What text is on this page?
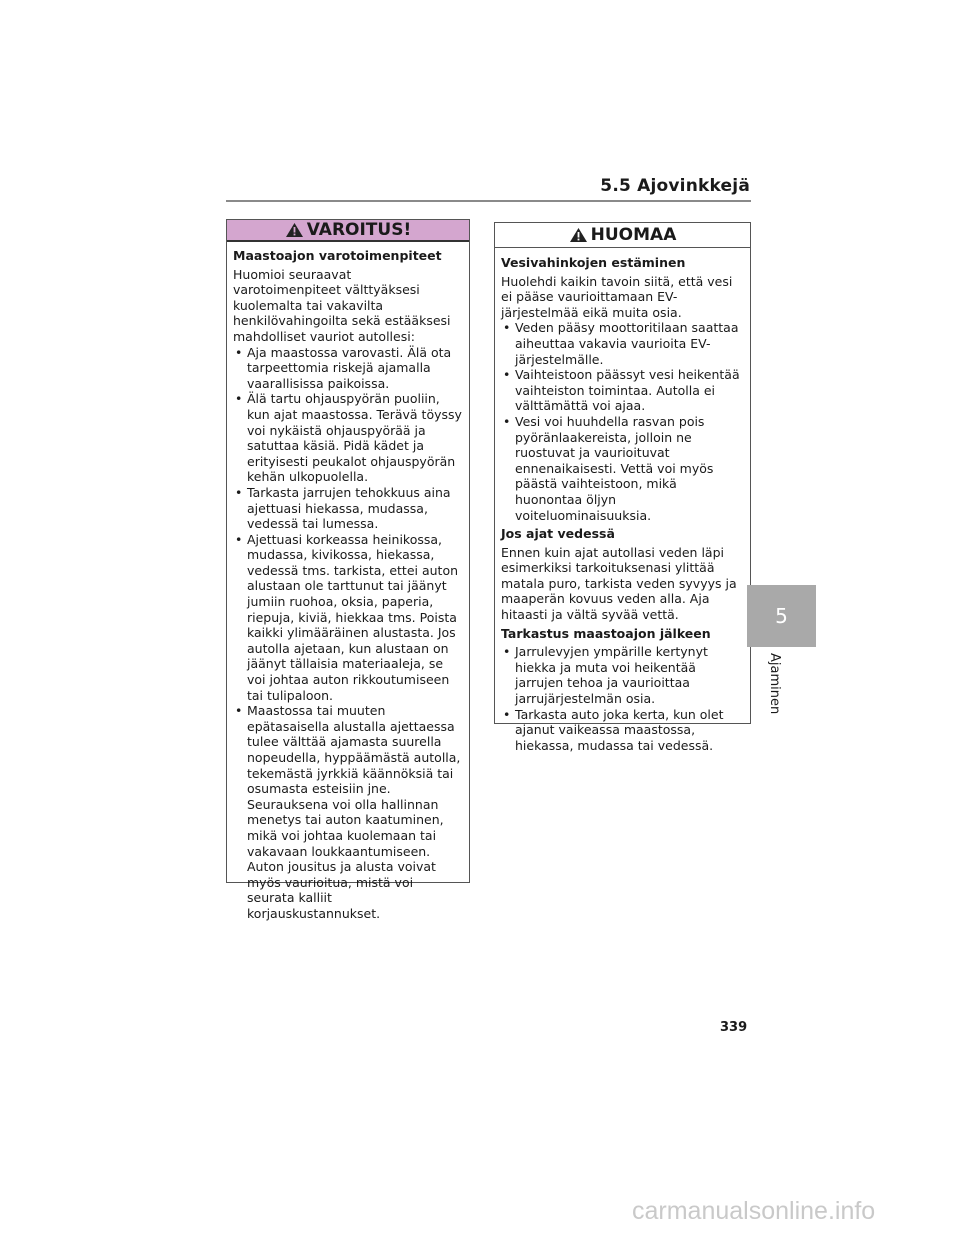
5.5 Ajovinkkejä
VAROITUS!
Maastoajon varotoimenpiteet
Huomioi seuraavat varotoimenpiteet välttyäksesi kuolemalta tai vakavilta henkilövahingoilta sekä estääksesi mahdolliset vauriot autollesi:
• Aja maastossa varovasti. Älä ota tarpeettomia riskejä ajamalla vaarallisissa paikoissa.
• Älä tartu ohjauspyörän puoliin, kun ajat maastossa. Terävä töyssy voi nykäistä ohjauspyörää ja satuttaa käsiä. Pidä kädet ja erityisesti peukalot ohjauspyörän kehän ulkopuolella.
• Tarkasta jarrujen tehokkuus aina ajettuasi hiekassa, mudassa, vedessä tai lumessa.
• Ajettuasi korkeassa heinikossa, mudassa, kivikossa, hiekassa, vedessä tms. tarkista, ettei auton alustaan ole tarttunut tai jäänyt jumiin ruohoa, oksia, paperia, riepuja, kiviä, hiekkaa tms. Poista kaikki ylimääräinen alustasta. Jos autolla ajetaan, kun alustaan on jäänyt tällaisia materiaaleja, se voi johtaa auton rikkoutumiseen tai tulipaloon.
• Maastossa tai muuten epätasaisella alustalla ajettaessa tulee välttää ajamasta suurella nopeudella, hyppäämästä autolla, tekemästä jyrkkiä käännöksiä tai osumasta esteisiin jne. Seurauksena voi olla hallinnan menetys tai auton kaatuminen, mikä voi johtaa kuolemaan tai vakavaan loukkaantumiseen. Auton jousitus ja alusta voivat myös vaurioitua, mistä voi seurata kalliit korjauskustannukset.
HUOMAA
Vesivahinkojen estäminen
Huolehdi kaikin tavoin siitä, että vesi ei pääse vaurioittamaan EV-järjestelmää eikä muita osia.
• Veden pääsy moottoritilaan saattaa aiheuttaa vakavia vaurioita EV-järjestelmälle.
• Vaihteistoon päässyt vesi heikentää vaihteiston toimintaa. Autolla ei välttämättä voi ajaa.
• Vesi voi huuhdella rasvan pois pyöränlaakereista, jolloin ne ruostuvat ja vaurioituvat ennenaikaisesti. Vettä voi myös päästä vaihteistoon, mikä huonontaa öljyn voiteluominaisuuksia.
Jos ajat vedessä
Ennen kuin ajat autollasi veden läpi esimerkiksi tarkoituksenasi ylittää matala puro, tarkista veden syvyys ja maaperän kovuus veden alla. Aja hitaasti ja vältä syvää vettä.
Tarkastus maastoajon jälkeen
• Jarrulevyjen ympärille kertynyt hiekka ja muta voi heikentää jarrujen tehoa ja vaurioittaa jarrujärjestelmän osia.
• Tarkasta auto joka kerta, kun olet ajanut vaikeassa maastossa, hiekassa, mudassa tai vedessä.
5
Ajaminen
339
carmanualsonline.info
